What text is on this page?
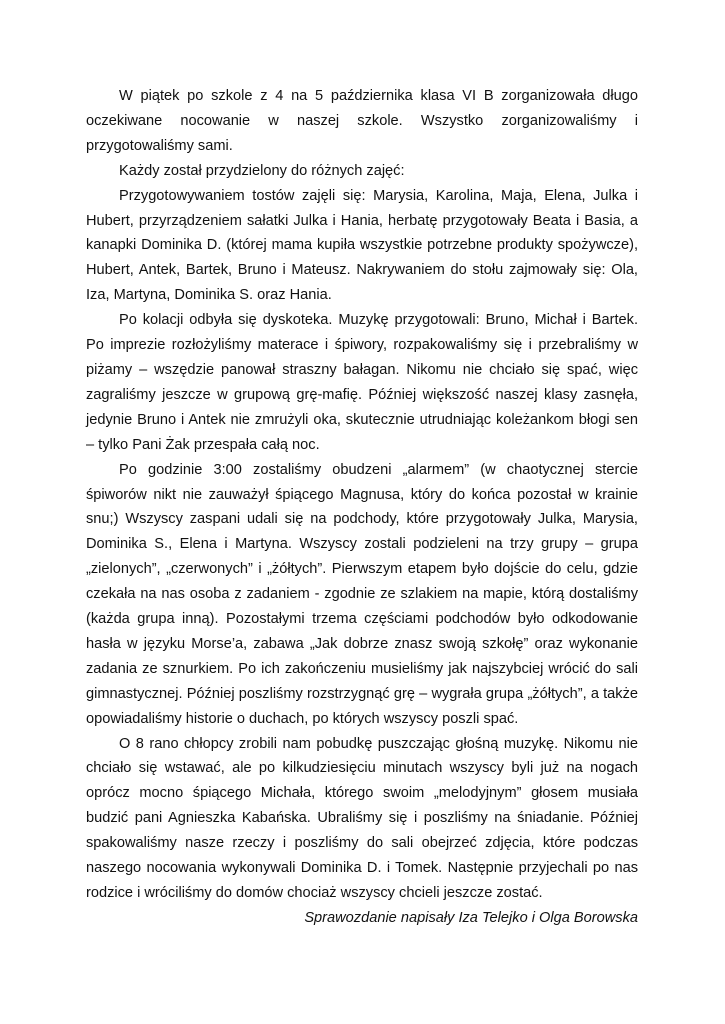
W piątek po szkole z 4 na 5 października klasa VI B zorganizowała długo oczekiwane nocowanie w naszej szkole. Wszystko zorganizowaliśmy i przygotowaliśmy sami.

Każdy został przydzielony do różnych zajęć:

Przygotowywaniem tostów zajęli się: Marysia, Karolina, Maja, Elena, Julka i Hubert, przyrządzeniem sałatki Julka i Hania, herbatę przygotowały Beata i Basia, a kanapki Dominika D. (której mama kupiła wszystkie potrzebne produkty spożywcze), Hubert, Antek, Bartek, Bruno i Mateusz. Nakrywaniem do stołu zajmowały się: Ola, Iza, Martyna, Dominika S. oraz Hania.

Po kolacji odbyła się dyskoteka. Muzykę przygotowali: Bruno, Michał i Bartek. Po imprezie rozłożyliśmy materace i śpiwory, rozpakowaliśmy się i przebraliśmy w piżamy – wszędzie panował straszny bałagan. Nikomu nie chciało się spać, więc zagraliśmy jeszcze w grupową grę-mafię. Później większość naszej klasy zasnęła, jedynie Bruno i Antek nie zmrużyli oka, skutecznie utrudniając koleżankom błogi sen – tylko Pani Żak przespała całą noc.

Po godzinie 3:00 zostaliśmy obudzeni „alarmem” (w chaotycznej stercie śpiworów nikt nie zauważył śpiącego Magnusa, który do końca pozostał w krainie snu;) Wszyscy zaspani udali się na podchody, które przygotowały Julka, Marysia, Dominika S., Elena i Martyna. Wszyscy zostali podzieleni na trzy grupy – grupa „zielonych”, „czerwonych” i „żółtych”. Pierwszym etapem było dojście do celu, gdzie czekała na nas osoba z zadaniem - zgodnie ze szlakiem na mapie, którą dostaliśmy (każda grupa inną). Pozostałymi trzema częściami podchodów było odkodowanie hasła w języku Morse’a, zabawa „Jak dobrze znasz swoją szkołę” oraz wykonanie zadania ze sznurkiem. Po ich zakończeniu musieliśmy jak najszybciej wrócić do sali gimnastycznej. Później poszliśmy rozstrzygnąć grę – wygrała grupa „żółtych”, a także opowiadaliśmy historie o duchach, po których wszyscy poszli spać.

O 8 rano chłopcy zrobili nam pobudkę puszczając głośną muzykę. Nikomu nie chciało się wstawać, ale po kilkudziesięciu minutach wszyscy byli już na nogach oprócz mocno śpiącego Michała, którego swoim „melodyjnym” głosem musiała budzić pani Agnieszka Kabańska. Ubraliśmy się i poszliśmy na śniadanie. Później spakowaliśmy nasze rzeczy i poszliśmy do sali obejrzeć zdjęcia, które podczas naszego nocowania wykonywali Dominika D. i Tomek. Następnie przyjechali po nas rodzice i wróciliśmy do domów chociaż wszyscy chcieli jeszcze zostać.

Sprawozdanie napisały Iza Telejko i Olga Borowska
